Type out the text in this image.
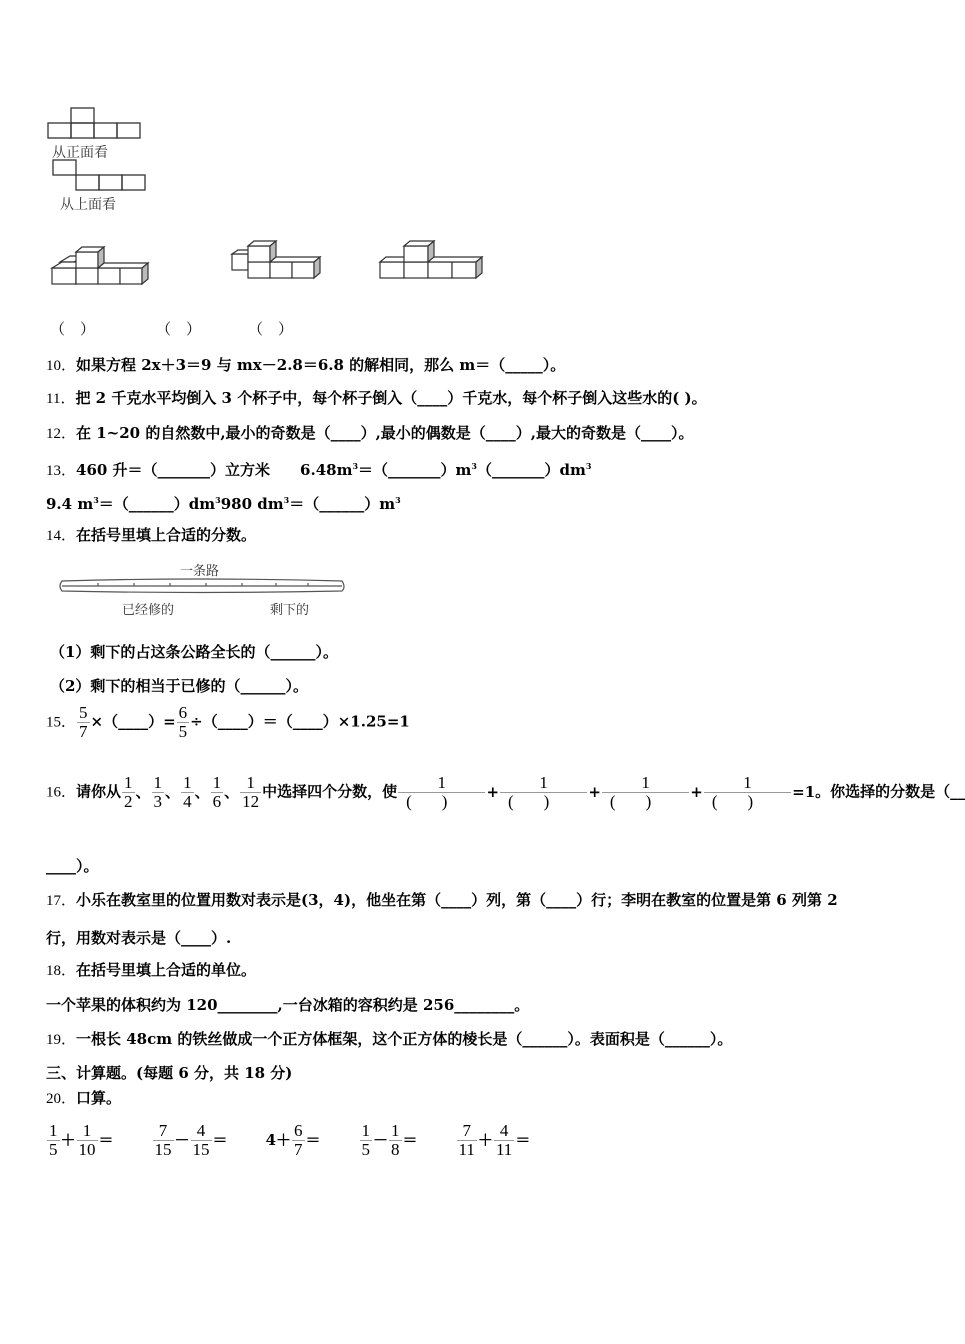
从正面看
从上面看
（　）	（　）	（　）
10．如果方程 2x＋3＝9 与 mx－2.8＝6.8 的解相同，那么 m＝（_____）。
11．把 2 千克水平均倒入 3 个杯子中，每个杯子倒入（____）千克水，每个杯子倒入这些水的( )。
12．在 1~20 的自然数中,最小的奇数是（____）,最小的偶数是（____）,最大的奇数是（____）。
13．460 升＝（_______）立方米　　$6.48m^3=(\_\_\_\_\_\_\_)m^3(\_\_\_\_\_\_\_)dm^3$
9.4 $m^3=(\_\_\_\_\_\_)dm^3980$ $dm^3=(\_\_\_\_\_\_)m^3$
14．在括号里填上合适的分数。
一条路
已经修的	剩下的
（1）剩下的占这条公路全长的（______）。
（2）剩下的相当于已修的（______）。
15． $\frac{5}{7}$ ×（____）= $\frac{6}{5}$ ÷（____）＝（____）×1.25=1
16．请你从 $\frac{1}{2}$ 、 $\frac{1}{3}$ 、 $\frac{1}{4}$ 、 $\frac{1}{6}$ 、 $\frac{1}{12}$ 中选择四个分数，使 $\frac{1}{()} + \frac{1}{()} + \frac{1}{()} + \frac{1}{()} =1$。你选择的分数是（__
____）。
17．小乐在教室里的位置用数对表示是(3，4)，他坐在第（____）列，第（____）行；李明在教室的位置是第 6 列第 2
行，用数对表示是（____）.
18．在括号里填上合适的单位。
一个苹果的体积约为 120________,一台冰箱的容积约是 256________。
19．一根长 48cm 的铁丝做成一个正方体框架，这个正方体的棱长是（______）。表面积是（______）。
三、计算题。(每题 6 分，共 18 分)
20．口算。
$\frac{1}{5} + \frac{1}{10} = \frac{7}{15} - \frac{4}{15}$ ＝	$4+ \frac{6}{7} = \frac{1}{5} - \frac{1}{8} = \frac{7}{11} + \frac{4}{11}$ ＝
